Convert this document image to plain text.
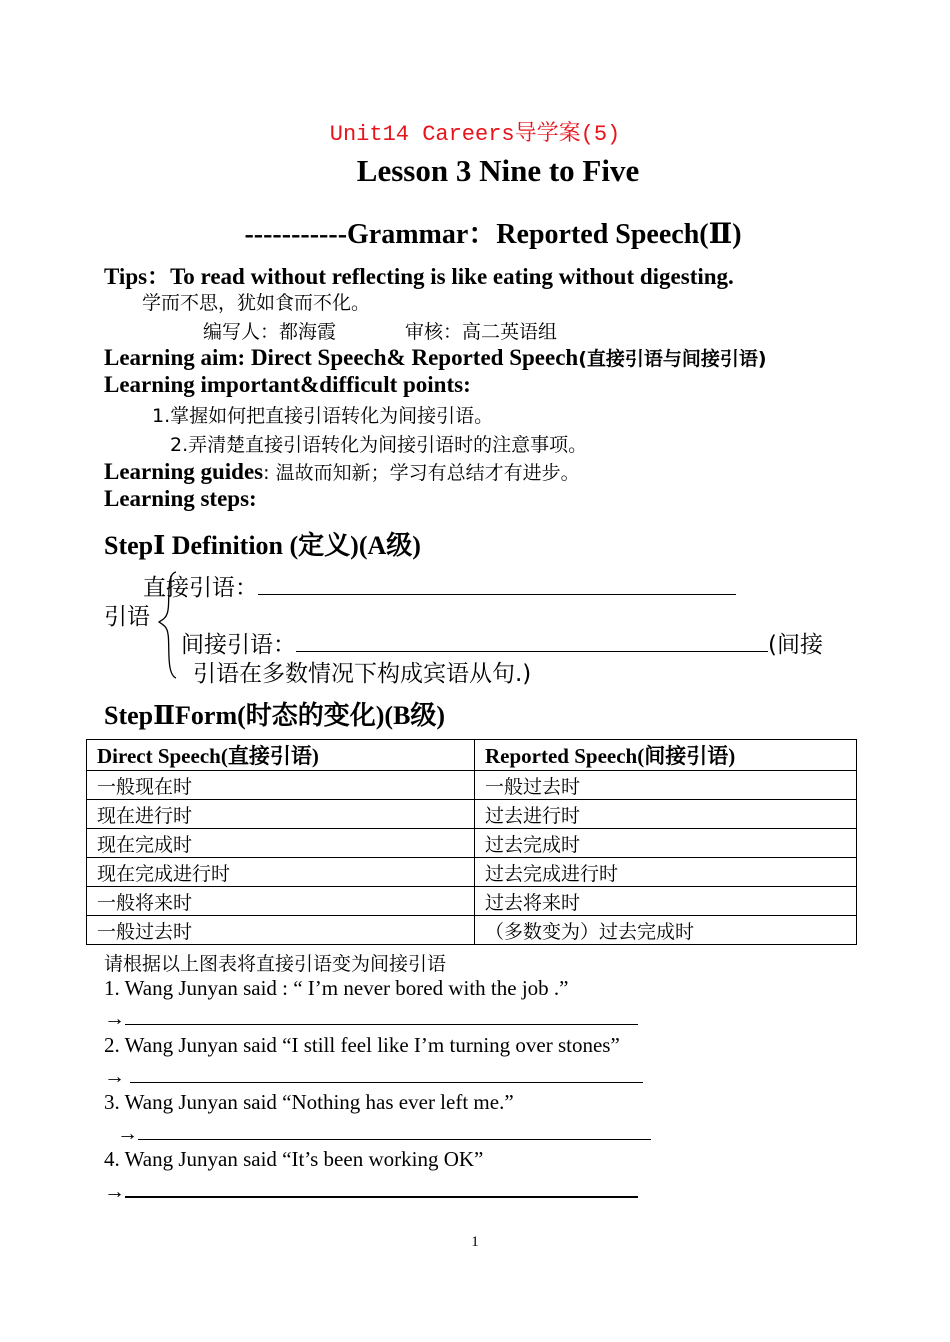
Unit14 Careers导学案(5)
Lesson 3 Nine to Five
-----------Grammar：Reported Speech(Ⅱ)
Tips：To read without reflecting is like eating without digesting.
学而不思，犹如食而不化。
编写人：都海霞	审核：高二英语组
Learning aim: Direct Speech& Reported Speech(直接引语与间接引语)
Learning important&difficult points:
1.掌握如何把直接引语转化为间接引语。
2.弄清楚直接引语转化为间接引语时的注意事项。
Learning guides: 温故而知新；学习有总结才有进步。
Learning steps:
StepⅠ Definition (定义)(A级)
直接引语：
引语
间接引语：	(间接
引语在多数情况下构成宾语从句.)
StepⅡForm(时态的变化)(B级)
Direct Speech(直接引语)	Reported Speech(间接引语)
一般现在时	一般过去时
现在进行时	过去进行时
现在完成时	过去完成时
现在完成进行时	过去完成进行时
一般将来时	过去将来时
一般过去时	（多数变为）过去完成时
请根据以上图表将直接引语变为间接引语
1. Wang Junyan said : “ I’m never bored with the job .”
→
2. Wang Junyan said “I still feel like I’m turning over stones”
→
3. Wang Junyan said “Nothing has ever left me.”
→
4. Wang Junyan said “It’s been working OK”
→
1
